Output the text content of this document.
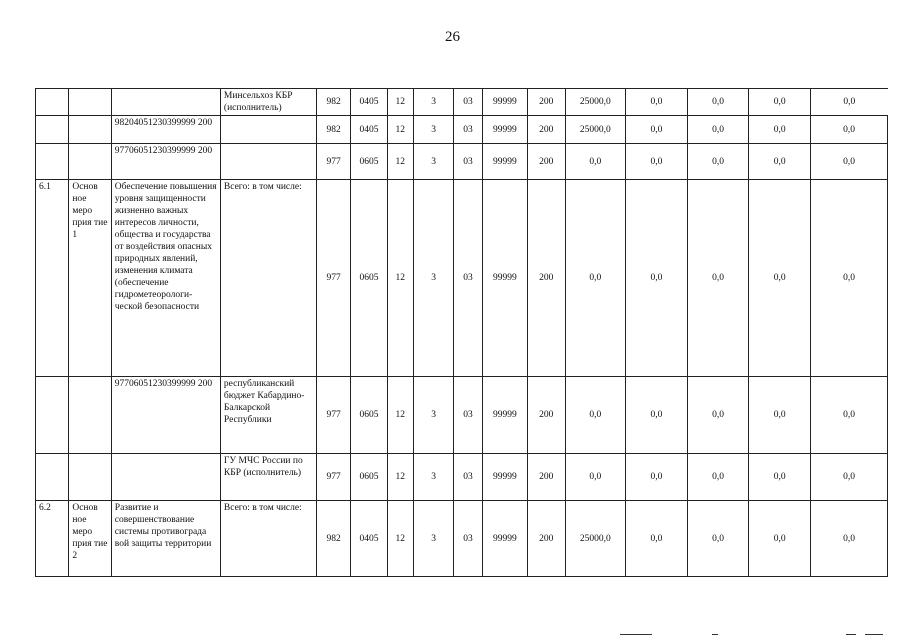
26
			Минсельхоз КБР (исполнитель)	982	0405	12	3	03	99999	200	25000,0	0,0	0,0	0,0	0,0
		98204051230399999 200		982	0405	12	3	03	99999	200	25000,0	0,0	0,0	0,0	0,0
		97706051230399999 200		977	0605	12	3	03	99999	200	0,0	0,0	0,0	0,0	0,0
6.1	Основ ное меро прия тие 1	Обеспечение повышения уровня защищенности жизненно важных интересов личности, общества и государства от воздействия опасных природных явлений, изменения климата (обеспечение гидрометеорологи-ческой безопасности	Всего: в том числе:	977	0605	12	3	03	99999	200	0,0	0,0	0,0	0,0	0,0
		97706051230399999 200	республиканский бюджет Кабардино-Балкарской Республики	977	0605	12	3	03	99999	200	0,0	0,0	0,0	0,0	0,0
			ГУ МЧС России по КБР (исполнитель)	977	0605	12	3	03	99999	200	0,0	0,0	0,0	0,0	0,0
6.2	Основ ное меро прия тие 2	Развитие и совершенствование системы противограда вой защиты территории	Всего: в том числе:	982	0405	12	3	03	99999	200	25000,0	0,0	0,0	0,0	0,0
